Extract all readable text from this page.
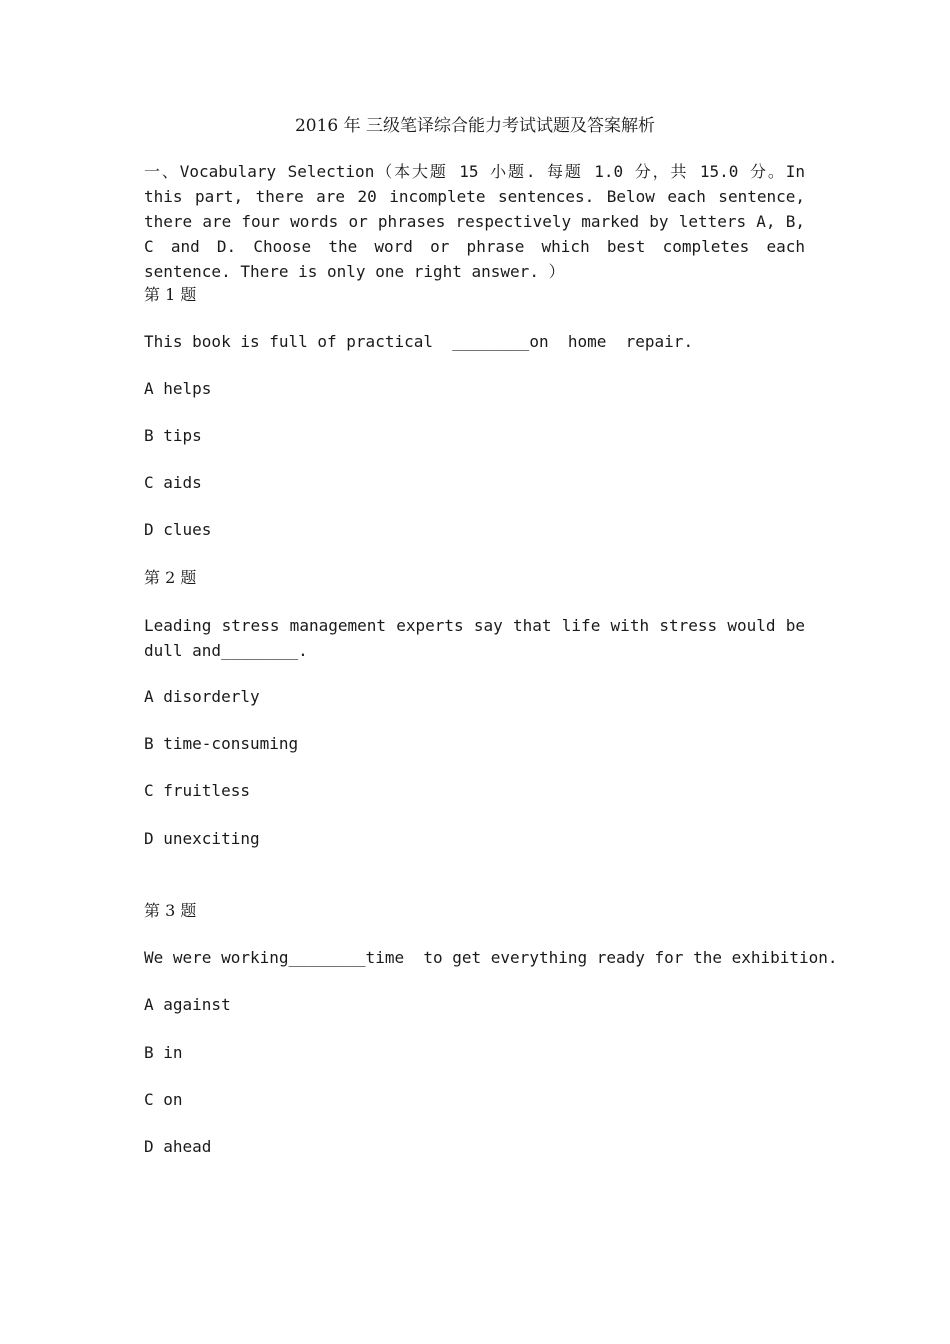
2016 年 三级笔译综合能力考试试题及答案解析
一、Vocabulary Selection（本大题 15 小题. 每题 1.0 分，共 15.0 分。In this part, there are 20 incomplete sentences. Below each sentence, there are four words or phrases respectively marked by letters A, B, C and D. Choose the word or phrase which best completes each sentence. There is only one right answer. ）
第 1 题
This book is full of practical  ________on  home  repair.
A helps
B tips
C aids
D clues
第 2 题
Leading stress management experts say that life with stress would be dull and________.
A disorderly
B time-consuming
C fruitless
D unexciting
第 3 题
We were working________time  to get everything ready for the exhibition.
A against
B in
C on
D ahead
